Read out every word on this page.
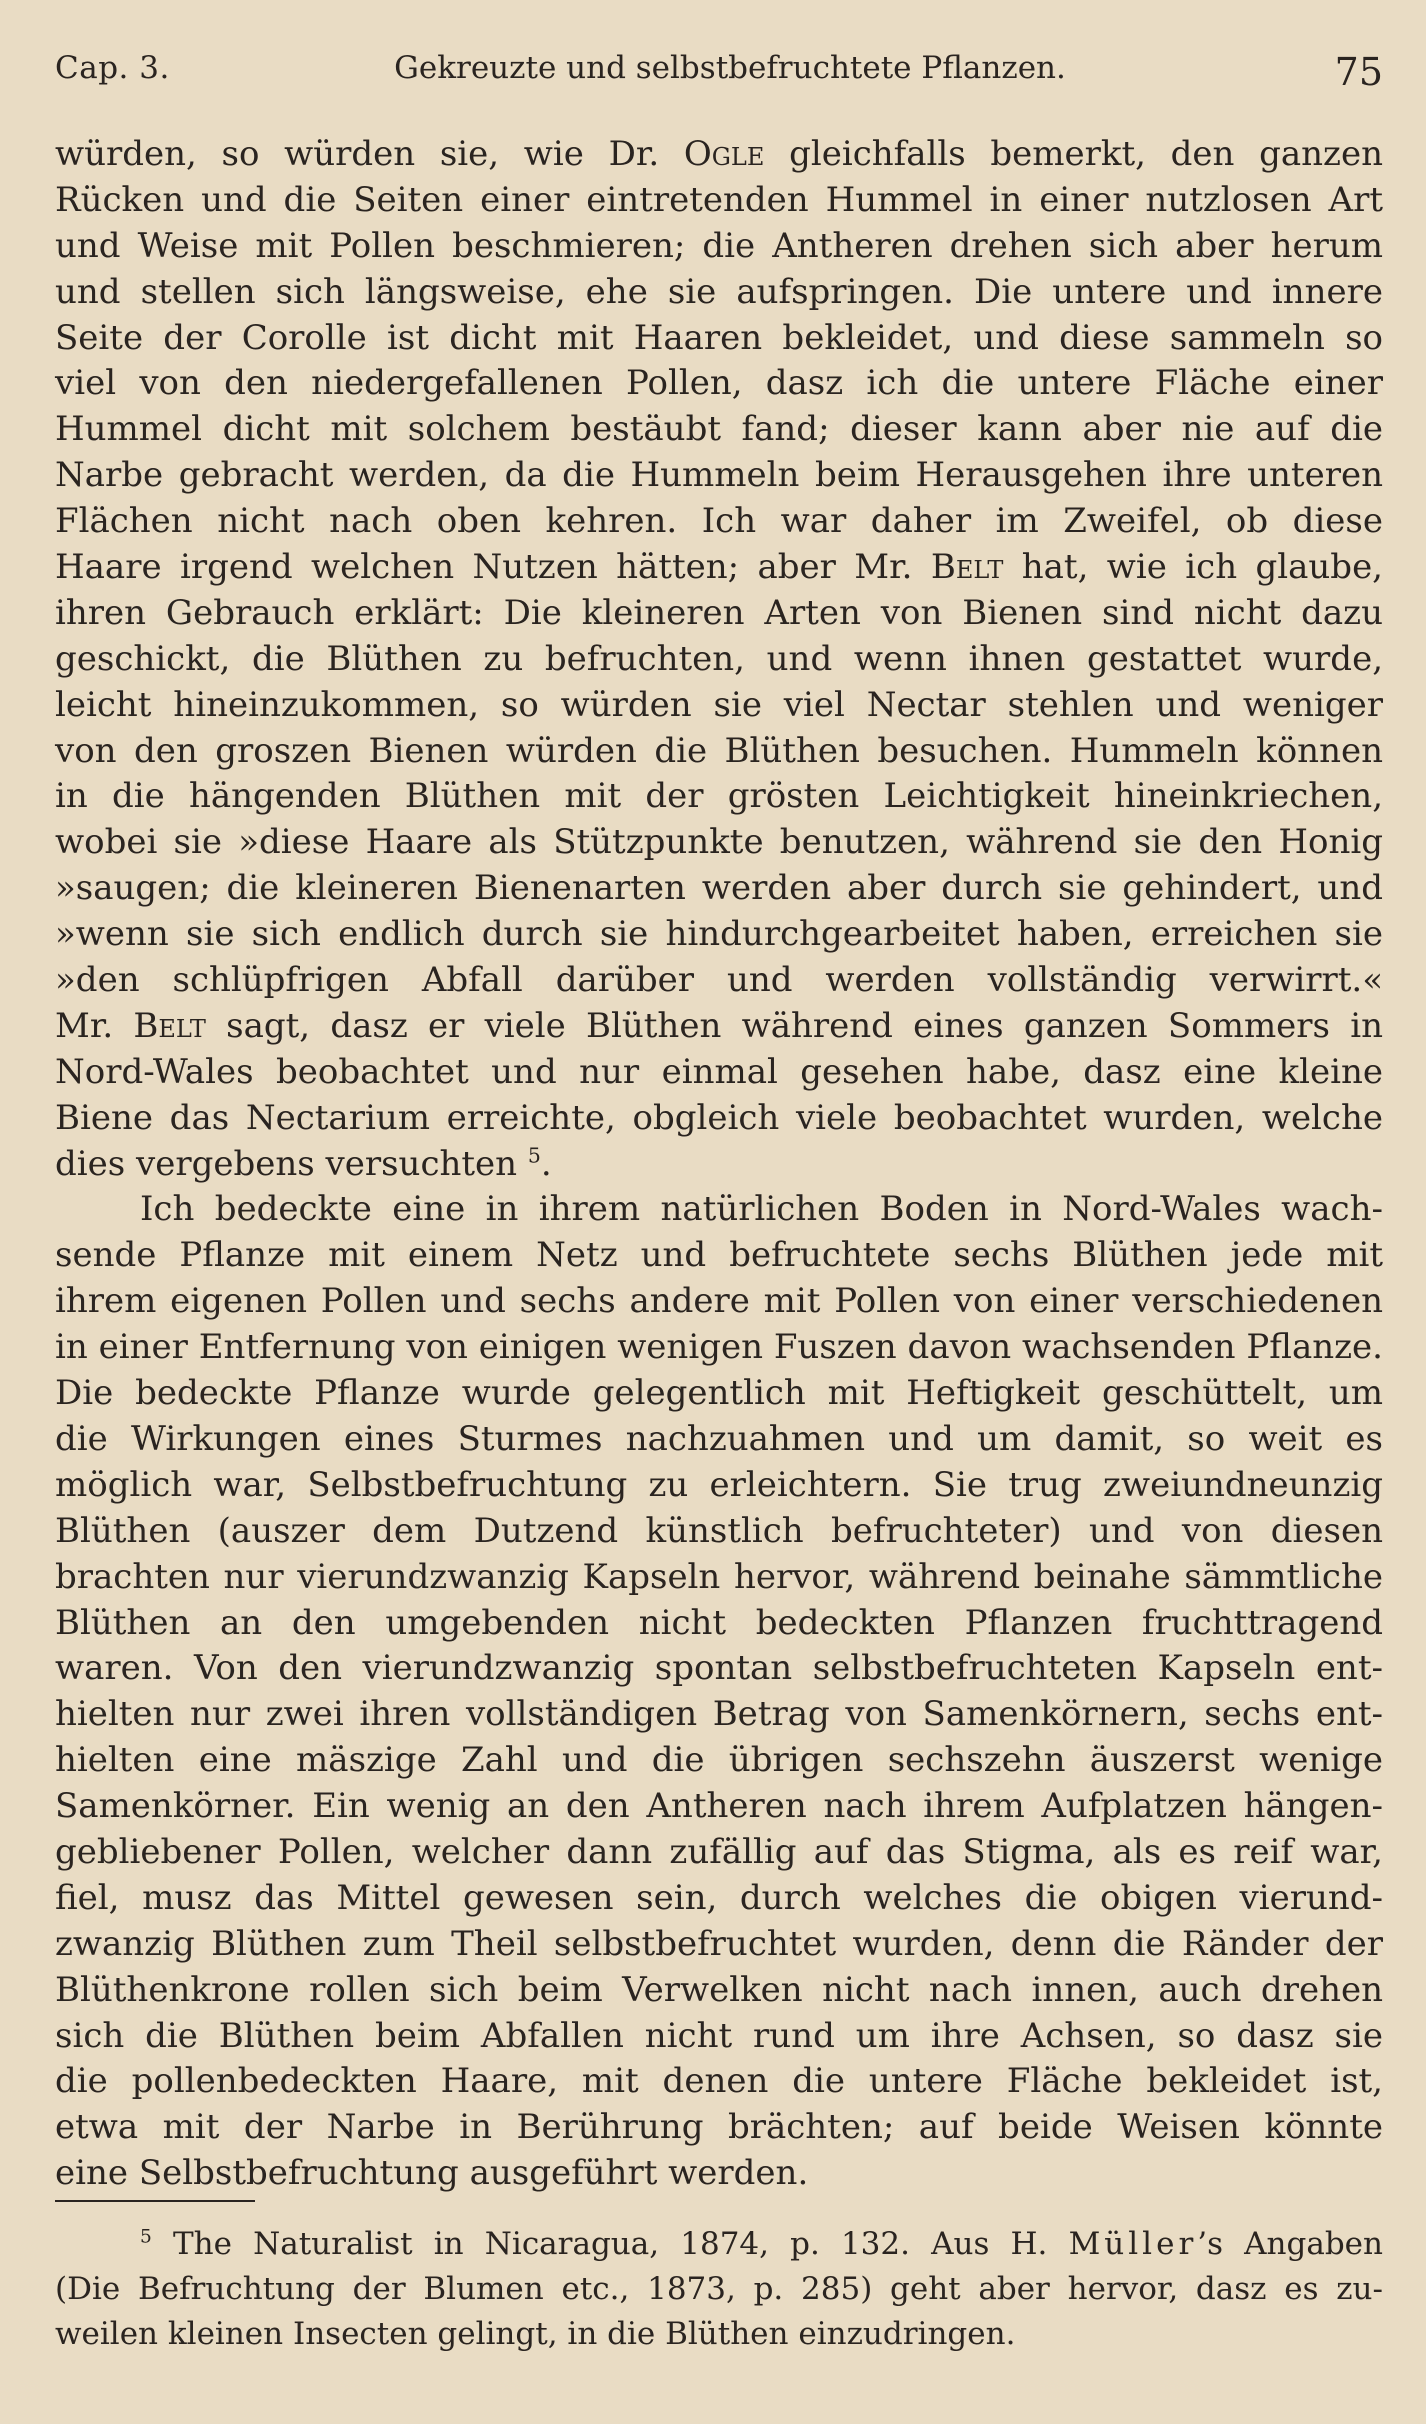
Cap. 3.	Gekreuzte und selbstbefruchtete Pflanzen.	75
würden, so würden sie, wie Dr. Ogle gleichfalls bemerkt, den ganzen
Rücken und die Seiten einer eintretenden Hummel in einer nutzlosen Art
und Weise mit Pollen beschmieren; die Antheren drehen sich aber herum
und stellen sich längsweise, ehe sie aufspringen. Die untere und innere
Seite der Corolle ist dicht mit Haaren bekleidet, und diese sammeln so
viel von den niedergefallenen Pollen, dasz ich die untere Fläche einer
Hummel dicht mit solchem bestäubt fand; dieser kann aber nie auf die
Narbe gebracht werden, da die Hummeln beim Herausgehen ihre unteren
Flächen nicht nach oben kehren. Ich war daher im Zweifel, ob diese
Haare irgend welchen Nutzen hätten; aber Mr. Belt hat, wie ich glaube,
ihren Gebrauch erklärt: Die kleineren Arten von Bienen sind nicht dazu
geschickt, die Blüthen zu befruchten, und wenn ihnen gestattet wurde,
leicht hineinzukommen, so würden sie viel Nectar stehlen und weniger
von den groszen Bienen würden die Blüthen besuchen. Hummeln können
in die hängenden Blüthen mit der grösten Leichtigkeit hineinkriechen,
wobei sie »diese Haare als Stützpunkte benutzen, während sie den Honig
»saugen; die kleineren Bienenarten werden aber durch sie gehindert, und
»wenn sie sich endlich durch sie hindurchgearbeitet haben, erreichen sie
»den schlüpfrigen Abfall darüber und werden vollständig verwirrt.«
Mr. Belt sagt, dasz er viele Blüthen während eines ganzen Sommers in
Nord-Wales beobachtet und nur einmal gesehen habe, dasz eine kleine
Biene das Nectarium erreichte, obgleich viele beobachtet wurden, welche
dies vergebens versuchten $^5$.
Ich bedeckte eine in ihrem natürlichen Boden in Nord-Wales wach-
sende Pflanze mit einem Netz und befruchtete sechs Blüthen jede mit
ihrem eigenen Pollen und sechs andere mit Pollen von einer verschiedenen
in einer Entfernung von einigen wenigen Fuszen davon wachsenden Pflanze.
Die bedeckte Pflanze wurde gelegentlich mit Heftigkeit geschüttelt, um
die Wirkungen eines Sturmes nachzuahmen und um damit, so weit es
möglich war, Selbstbefruchtung zu erleichtern. Sie trug zweiundneunzig
Blüthen (auszer dem Dutzend künstlich befruchteter) und von diesen
brachten nur vierundzwanzig Kapseln hervor, während beinahe sämmtliche
Blüthen an den umgebenden nicht bedeckten Pflanzen fruchttragend
waren. Von den vierundzwanzig spontan selbstbefruchteten Kapseln ent-
hielten nur zwei ihren vollständigen Betrag von Samenkörnern, sechs ent-
hielten eine mäszige Zahl und die übrigen sechszehn äuszerst wenige
Samenkörner. Ein wenig an den Antheren nach ihrem Aufplatzen hängen-
gebliebener Pollen, welcher dann zufällig auf das Stigma, als es reif war,
fiel, musz das Mittel gewesen sein, durch welches die obigen vierund-
zwanzig Blüthen zum Theil selbstbefruchtet wurden, denn die Ränder der
Blüthenkrone rollen sich beim Verwelken nicht nach innen, auch drehen
sich die Blüthen beim Abfallen nicht rund um ihre Achsen, so dasz sie
die pollenbedeckten Haare, mit denen die untere Fläche bekleidet ist,
etwa mit der Narbe in Berührung brächten; auf beide Weisen könnte
eine Selbstbefruchtung ausgeführt werden.
$^5$ The Naturalist in Nicaragua, 1874, p. 132. Aus H. Müller’s Angaben
(Die Befruchtung der Blumen etc., 1873, p. 285) geht aber hervor, dasz es zu-
weilen kleinen Insecten gelingt, in die Blüthen einzudringen.
